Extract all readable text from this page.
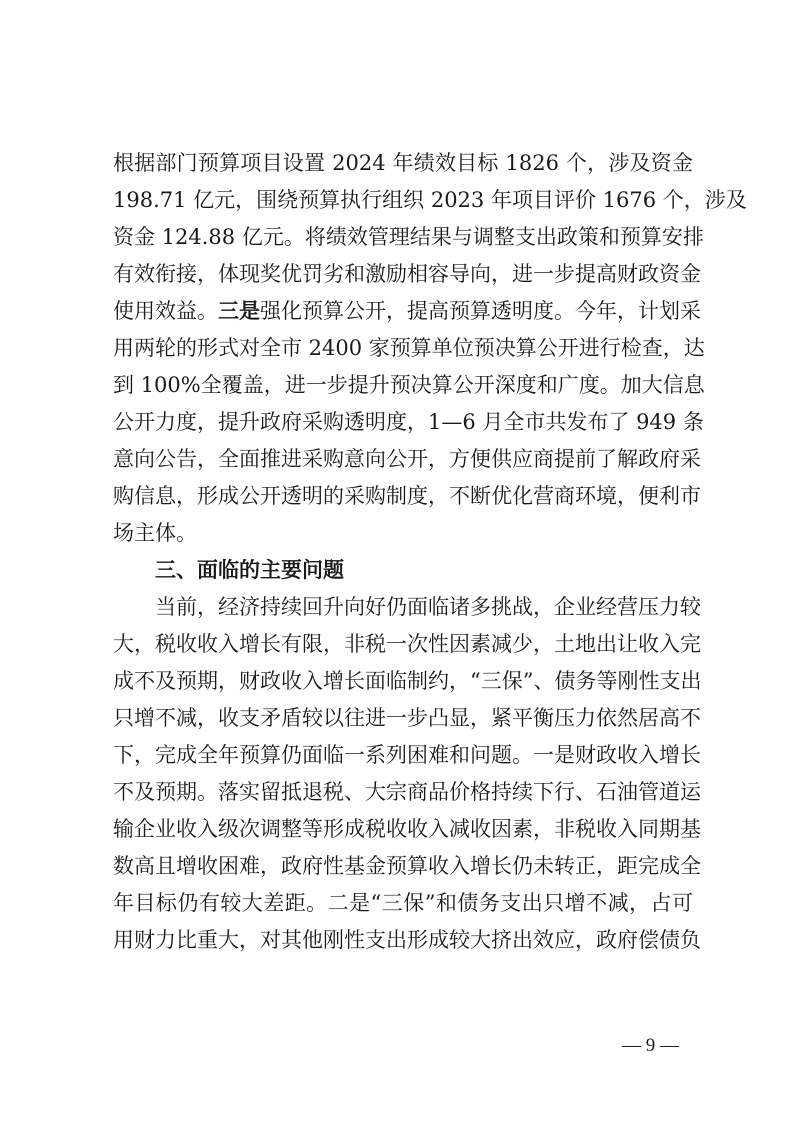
根据部门预算项目设置 2024 年绩效目标 1826 个，涉及资金
198.71 亿元，围绕预算执行组织 2023 年项目评价 1676 个，涉及
资金 124.88 亿元。将绩效管理结果与调整支出政策和预算安排
有效衔接，体现奖优罚劣和激励相容导向，进一步提高财政资金
使用效益。三是强化预算公开，提高预算透明度。今年，计划采
用两轮的形式对全市 2400 家预算单位预决算公开进行检查，达
到 100%全覆盖，进一步提升预决算公开深度和广度。加大信息
公开力度，提升政府采购透明度，1—6 月全市共发布了 949 条
意向公告，全面推进采购意向公开，方便供应商提前了解政府采
购信息，形成公开透明的采购制度，不断优化营商环境，便利市
场主体。
三、面临的主要问题
当前，经济持续回升向好仍面临诸多挑战，企业经营压力较
大，税收收入增长有限，非税一次性因素减少，土地出让收入完
成不及预期，财政收入增长面临制约，“三保”、债务等刚性支出
只增不减，收支矛盾较以往进一步凸显，紧平衡压力依然居高不
下，完成全年预算仍面临一系列困难和问题。一是财政收入增长
不及预期。落实留抵退税、大宗商品价格持续下行、石油管道运
输企业收入级次调整等形成税收收入减收因素，非税收入同期基
数高且增收困难，政府性基金预算收入增长仍未转正，距完成全
年目标仍有较大差距。二是“三保”和债务支出只增不减，占可
用财力比重大，对其他刚性支出形成较大挤出效应，政府偿债负
— 9 —
